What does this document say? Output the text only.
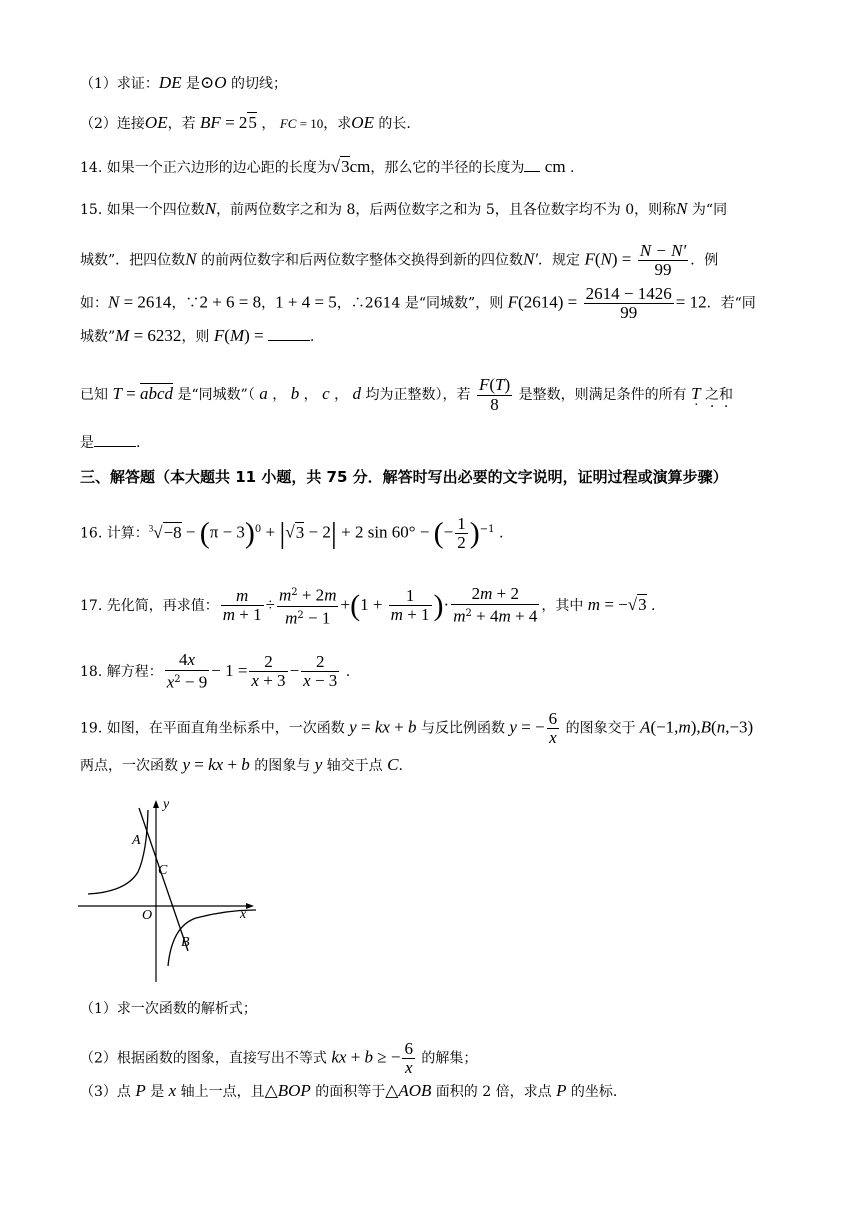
（1）求证：DE 是⊙O 的切线；
（2）连接OE，若 BF = 25 ， FC = 10，求OE 的长.
14. 如果一个正六边形的边心距的长度为√3cm，那么它的半径的长度为 cm .
15. 如果一个四位数N，前两位数字之和为 8，后两位数字之和为 5，且各位数字均不为 0，则称N 为“同
城数”．把四位数N 的前两位数字和后两位数字整体交换得到新的四位数N′．规定 $F(N) = \frac{N - N'}{99}$ ．例
如：N = 2614，∵2 + 6 = 8，1 + 4 = 5，∴2614 是“同城数”，则 $F(2614) = \frac{2614 - 1426}{99} = 12$．若“同
城数”M = 6232，则 F(M) =	.
已知 T = abcd 是“同城数”（ a ， b ， c ， d 均为正整数），若 $\frac{F(T)}{8}$ 是整数，则满足条件的所有 T · 之和
是	.
三、解答题（本大题共 11 小题，共 75 分．解答时写出必要的文字说明，证明过程或演算步骤）
16. 计算：$^3√-8 - (\pi - 3)^0 + |√3 - 2| + 2$ sin 60° − (− $\frac{1}{2} )^{-1}$ .
17. 先化简，再求值： $\frac{m}{m + 1} \div \frac{m^2 + 2m}{m^2 - 1} +(1 + \frac{1}{m + 1}$ )· $\frac{2m + 2}{m^2 + 4m + 4}$ ，其中 m = −√3 .
18. 解方程： $\frac{4x}{x^2 - 9} - 1 = \frac{2}{x + 3} - \frac{2}{x - 3}$ .
19. 如图，在平面直角坐标系中，一次函数 y = kx + b 与反比例函数 y = − $\frac{6}{x}$ 的图象交于 A(−1,m),B(n,−3)
两点，一次函数 y = kx + b 的图象与 y 轴交于点 C.
y
x
O
A
C
B
（1）求一次函数的解析式；
（2）根据函数的图象，直接写出不等式 kx + b ≥ − $\frac{6}{x}$ 的解集；
（3）点 P 是 x 轴上一点，且△BOP 的面积等于△AOB 面积的 2 倍，求点 P 的坐标.
